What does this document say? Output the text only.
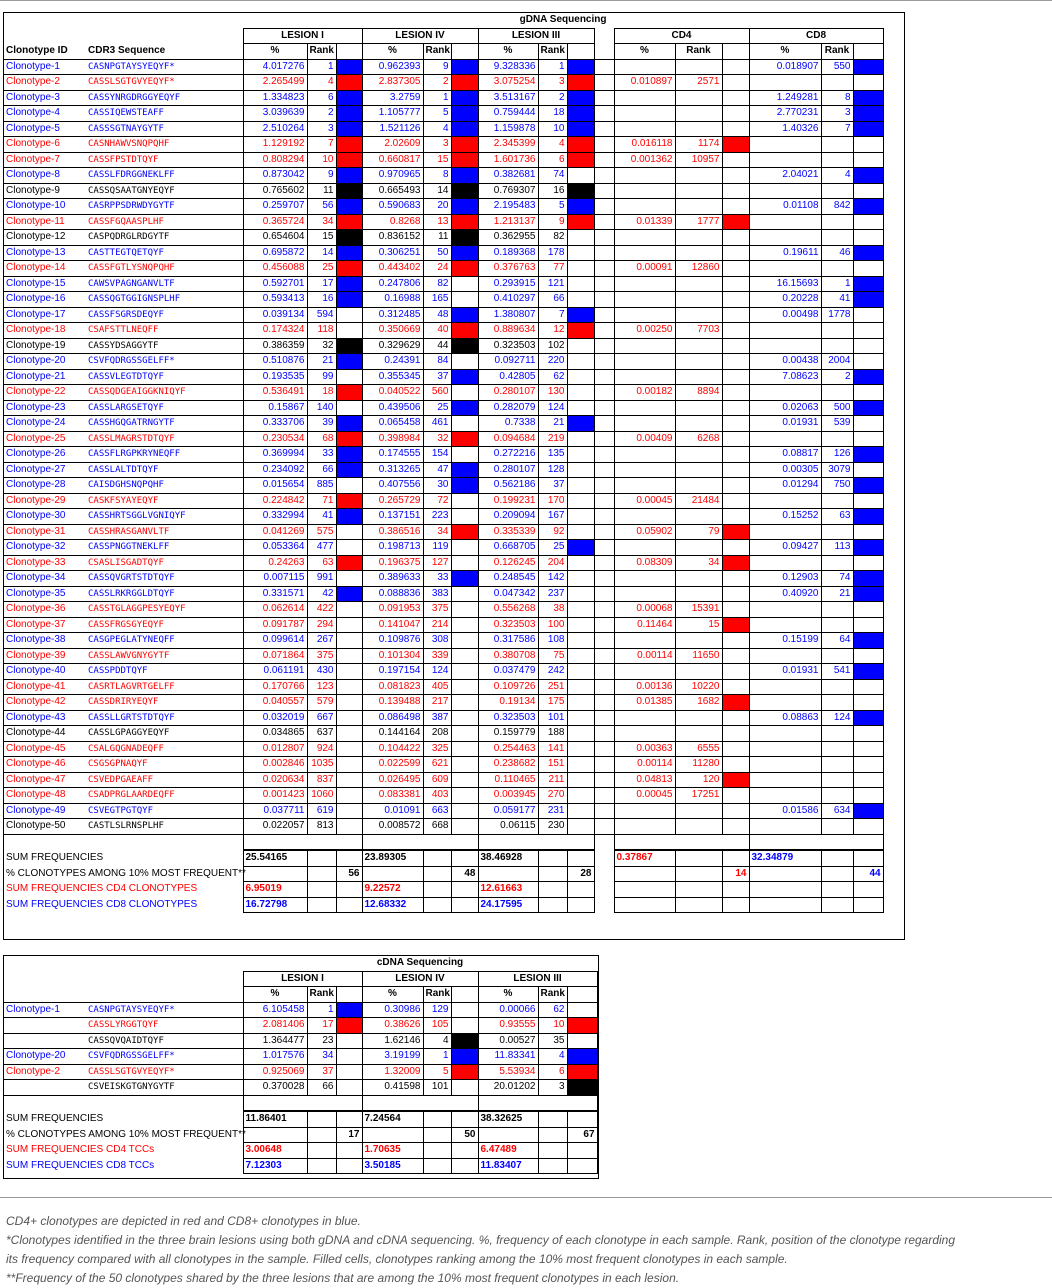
		gDNA Sequencing															
		LESION I			LESION IV			LESION III				CD4			CD8		
Clonotype ID	CDR3 Sequence	%	Rank		%	Rank		%	Rank			%	Rank		%	Rank	
Clonotype-1	CASNPGTAYSYEQYF*	4.017276	1		0.962393	9		9.328336	1						0.018907	550	
Clonotype-2	CASSLSGTGVYEQYF*	2.265499	4		2.837305	2		3.075254	3			0.010897	2571				
Clonotype-3	CASSYNRGDRGGYEQYF	1.334823	6		3.2759	1		3.513167	2						1.249281	8	
Clonotype-4	CASSIQEWSTEAFF	3.039639	2		1.105777	5		0.759444	18						2.770231	3	
Clonotype-5	CASSSGTNAYGYTF	2.510264	3		1.521126	4		1.159878	10						1.40326	7	
Clonotype-6	CASNHAWVSNQPQHF	1.129192	7		2.02609	3		2.345399	4			0.016118	1174				
Clonotype-7	CASSFPSTDTQYF	0.808294	10		0.660817	15		1.601736	6			0.001362	10957				
Clonotype-8	CASSLFDRGGNEKLFF	0.873042	9		0.970965	8		0.382681	74						2.04021	4	
Clonotype-9	CASSQSAATGNYEQYF	0.765602	11		0.665493	14		0.769307	16								
Clonotype-10	CASRPPSDRWDYGYTF	0.259707	56		0.590683	20		2.195483	5						0.01108	842	
Clonotype-11	CASSFGQAASPLHF	0.365724	34		0.8268	13		1.213137	9			0.01339	1777				
Clonotype-12	CASPQDRGLRDGYTF	0.654604	15		0.836152	11		0.362955	82								
Clonotype-13	CASTTEGTQETQYF	0.695872	14		0.306251	50		0.189368	178						0.19611	46	
Clonotype-14	CASSFGTLYSNQPQHF	0.456088	25		0.443402	24		0.376763	77			0.00091	12860				
Clonotype-15	CAWSVPAGNGANVLTF	0.592701	17		0.247806	82		0.293915	121						16.15693	1	
Clonotype-16	CASSQGTGGIGNSPLHF	0.593413	16		0.16988	165		0.410297	66						0.20228	41	
Clonotype-17	CASSFSGRSDEQYF	0.039134	594		0.312485	48		1.380807	7						0.00498	1778	
Clonotype-18	CSAFSTTLNEQFF	0.174324	118		0.350669	40		0.889634	12			0.00250	7703				
Clonotype-19	CASSYDSAGGYTF	0.386359	32		0.329629	44		0.323503	102								
Clonotype-20	CSVFQDRGSSGELFF*	0.510876	21		0.24391	84		0.092711	220						0.00438	2004	
Clonotype-21	CASSVLEGTDTQYF	0.193535	99		0.355345	37		0.42805	62						7.08623	2	
Clonotype-22	CASSQDGEAIGGKNIQYF	0.536491	18		0.040522	560		0.280107	130			0.00182	8894				
Clonotype-23	CASSLARGSETQYF	0.15867	140		0.439506	25		0.282079	124						0.02063	500	
Clonotype-24	CASSHGQGATRNGYTF	0.333706	39		0.065458	461		0.7338	21						0.01931	539	
Clonotype-25	CASSLMAGRSTDTQYF	0.230534	68		0.398984	32		0.094684	219			0.00409	6268				
Clonotype-26	CASSFLRGPKRYNEQFF	0.369994	33		0.174555	154		0.272216	135						0.08817	126	
Clonotype-27	CASSLALTDTQYF	0.234092	66		0.313265	47		0.280107	128						0.00305	3079	
Clonotype-28	CAISDGHSNQPQHF	0.015654	885		0.407556	30		0.562186	37						0.01294	750	
Clonotype-29	CASKFSYAYEQYF	0.224842	71		0.265729	72		0.199231	170			0.00045	21484				
Clonotype-30	CASSHRTSGGLVGNIQYF	0.332994	41		0.137151	223		0.209094	167						0.15252	63	
Clonotype-31	CASSHRASGANVLTF	0.041269	575		0.386516	34		0.335339	92			0.05902	79				
Clonotype-32	CASSPNGGTNEKLFF	0.053364	477		0.198713	119		0.668705	25						0.09427	113	
Clonotype-33	CSASLISGADTQYF	0.24263	63		0.196375	127		0.126245	204			0.08309	34				
Clonotype-34	CASSQVGRTSTDTQYF	0.007115	991		0.389633	33		0.248545	142						0.12903	74	
Clonotype-35	CASSLRKRGGLDTQYF	0.331571	42		0.088836	383		0.047342	237						0.40920	21	
Clonotype-36	CASSTGLAGGPESYEQYF	0.062614	422		0.091953	375		0.556268	38			0.00068	15391				
Clonotype-37	CASSFRGSGYEQYF	0.091787	294		0.141047	214		0.323503	100			0.11464	15				
Clonotype-38	CASGPEGLATYNEQFF	0.099614	267		0.109876	308		0.317586	108						0.15199	64	
Clonotype-39	CASSLAWVGNYGYTF	0.071864	375		0.101304	339		0.380708	75			0.00114	11650				
Clonotype-40	CASSPDDTQYF	0.061191	430		0.197154	124		0.037479	242						0.01931	541	
Clonotype-41	CASRTLAGVRTGELFF	0.170766	123		0.081823	405		0.109726	251			0.00136	10220				
Clonotype-42	CASSDRIRYEQYF	0.040557	579		0.139488	217		0.19134	175			0.01385	1682				
Clonotype-43	CASSLLGRTSTDTQYF	0.032019	667		0.086498	387		0.323503	101						0.08863	124	
Clonotype-44	CASSLGPAGGYEQYF	0.034865	637		0.144164	208		0.159779	188								
Clonotype-45	CSALGQGNADEQFF	0.012807	924		0.104422	325		0.254463	141			0.00363	6555				
Clonotype-46	CSGSGPNAQYF	0.002846	1035		0.022599	621		0.238682	151			0.00114	11280				
Clonotype-47	CSVEDPGAEAFF	0.020634	837		0.026495	609		0.110465	211			0.04813	120				
Clonotype-48	CSADPRGLAARDEQFF	0.001423	1060		0.083381	403		0.003945	270			0.00045	17251				
Clonotype-49	CSVEGTPGTQYF	0.037711	619		0.01091	663		0.059177	231						0.01586	634	
Clonotype-50	CASTLSLRNSPLHF	0.022057	813		0.008572	668		0.06115	230								

SUM FREQUENCIES		25.54165			23.89305			38.46928				0.37867			32.34879		
% CLONOTYPES AMONG 10% MOST FREQUENT**				56			48			28				14			44
SUM FREQUENCIES CD4 CLONOTYPES		6.95019			9.22572			12.61663									
SUM FREQUENCIES CD8 CLONOTYPES		16.72798			12.68332			24.17595									
		cDNA Sequencing								
		LESION I			LESION IV			LESION III		
		%	Rank		%	Rank		%	Rank	
Clonotype-1	CASNPGTAYSYEQYF*	6.105458	1		0.30986	129		0.00066	62	
	CASSLYRGGTQYF	2.081406	17		0.38626	105		0.93555	10	
	CASSQVQAIDTQYF	1.364477	23		1.62146	4		0.00527	35	
Clonotype-20	CSVFQDRGSSGELFF*	1.017576	34		3.19199	1		11.83341	4	
Clonotype-2	CASSLSGTGVYEQYF*	0.925069	37		1.32009	5		5.53934	6	
	CSVEISKGTGNYGYTF	0.370028	66		0.41598	101		20.01202	3	

SUM FREQUENCIES		11.86401			7.24564			38.32625		
% CLONOTYPES AMONG 10% MOST FREQUENT**				17			50			67
SUM FREQUENCIES CD4 TCCs		3.00648			1.70635			6.47489		
SUM FREQUENCIES CD8 TCCs		7.12303			3.50185			11.83407		

CD4+ clonotypes are depicted in red and CD8+ clonotypes in blue.

*Clonotypes identified in the three brain lesions using both gDNA and cDNA sequencing. %, frequency of each clonotype in each sample. Rank, position of the clonotype regarding

its frequency compared with all clonotypes in the sample. Filled cells, clonotypes ranking among the 10% most frequent clonotypes in each sample.

**Frequency of the 50 clonotypes shared by the three lesions that are among the 10% most frequent clonotypes in each lesion.
